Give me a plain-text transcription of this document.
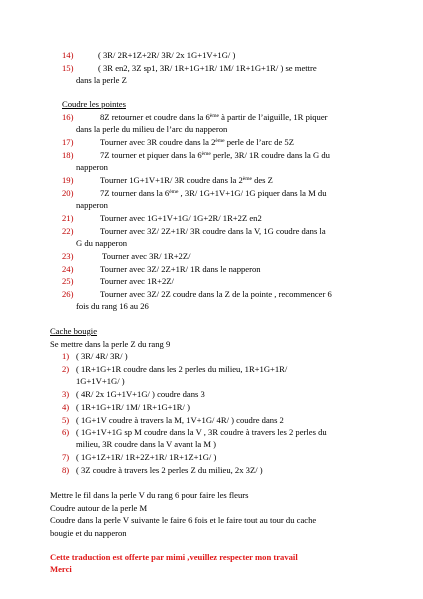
14)	( 3R/ 2R+1Z+2R/ 3R/ 2x 1G+1V+1G/ )
15)	( 3R en2, 3Z sp1, 3R/ 1R+1G+1R/ 1M/ 1R+1G+1R/ ) se mettre
dans la perle Z
Coudre les pointes
16)	8Z retourner et coudre dans la 6ème à partir de l’aiguille, 1R piquer
dans la perle du milieu de l’arc du napperon
17)	Tourner avec 3R coudre dans la 2ème perle de l’arc de 5Z
18)	7Z tourner et piquer dans la 6ème perle, 3R/ 1R coudre dans la G du
napperon
19)	Tourner 1G+1V+1R/ 3R coudre dans la 2ème des Z
20)	7Z tourner dans la 6ème , 3R/ 1G+1V+1G/ 1G piquer dans la M du
napperon
21)	Tourner avec 1G+1V+1G/ 1G+2R/ 1R+2Z en2
22)	Tourner avec 3Z/ 2Z+1R/ 3R coudre dans la V, 1G coudre dans la
G du napperon
23)	Tourner avec 3R/ 1R+2Z/
24)	Tourner avec 3Z/ 2Z+1R/ 1R dans le napperon
25)	Tourner avec 1R+2Z/
26)	Tourner avec 3Z/ 2Z coudre dans la Z de la pointe , recommencer 6
fois du rang 16 au 26
Cache bougie
Se mettre dans la perle Z du rang 9
1) ( 3R/ 4R/ 3R/ )
2) ( 1R+1G+1R coudre dans les 2 perles du milieu, 1R+1G+1R/
1G+1V+1G/ )
3) ( 4R/ 2x 1G+1V+1G/ ) coudre dans 3
4) ( 1R+1G+1R/ 1M/ 1R+1G+1R/ )
5) ( 1G+1V coudre à travers la M, 1V+1G/ 4R/ ) coudre dans 2
6) ( 1G+1V+1G sp M coudre dans la V , 3R coudre à travers les 2 perles du
milieu, 3R coudre dans la V avant la M )
7) ( 1G+1Z+1R/ 1R+2Z+1R/ 1R+1Z+1G/ )
8) ( 3Z coudre à travers les 2 perles Z du milieu, 2x 3Z/ )
Mettre le fil dans la perle V du rang 6 pour faire les fleurs
Coudre autour de la perle M
Coudre dans la perle V suivante le faire 6 fois et le faire tout au tour du cache
bougie et du napperon
Cette traduction est offerte par mimi ,veuillez respecter mon travail
Merci
